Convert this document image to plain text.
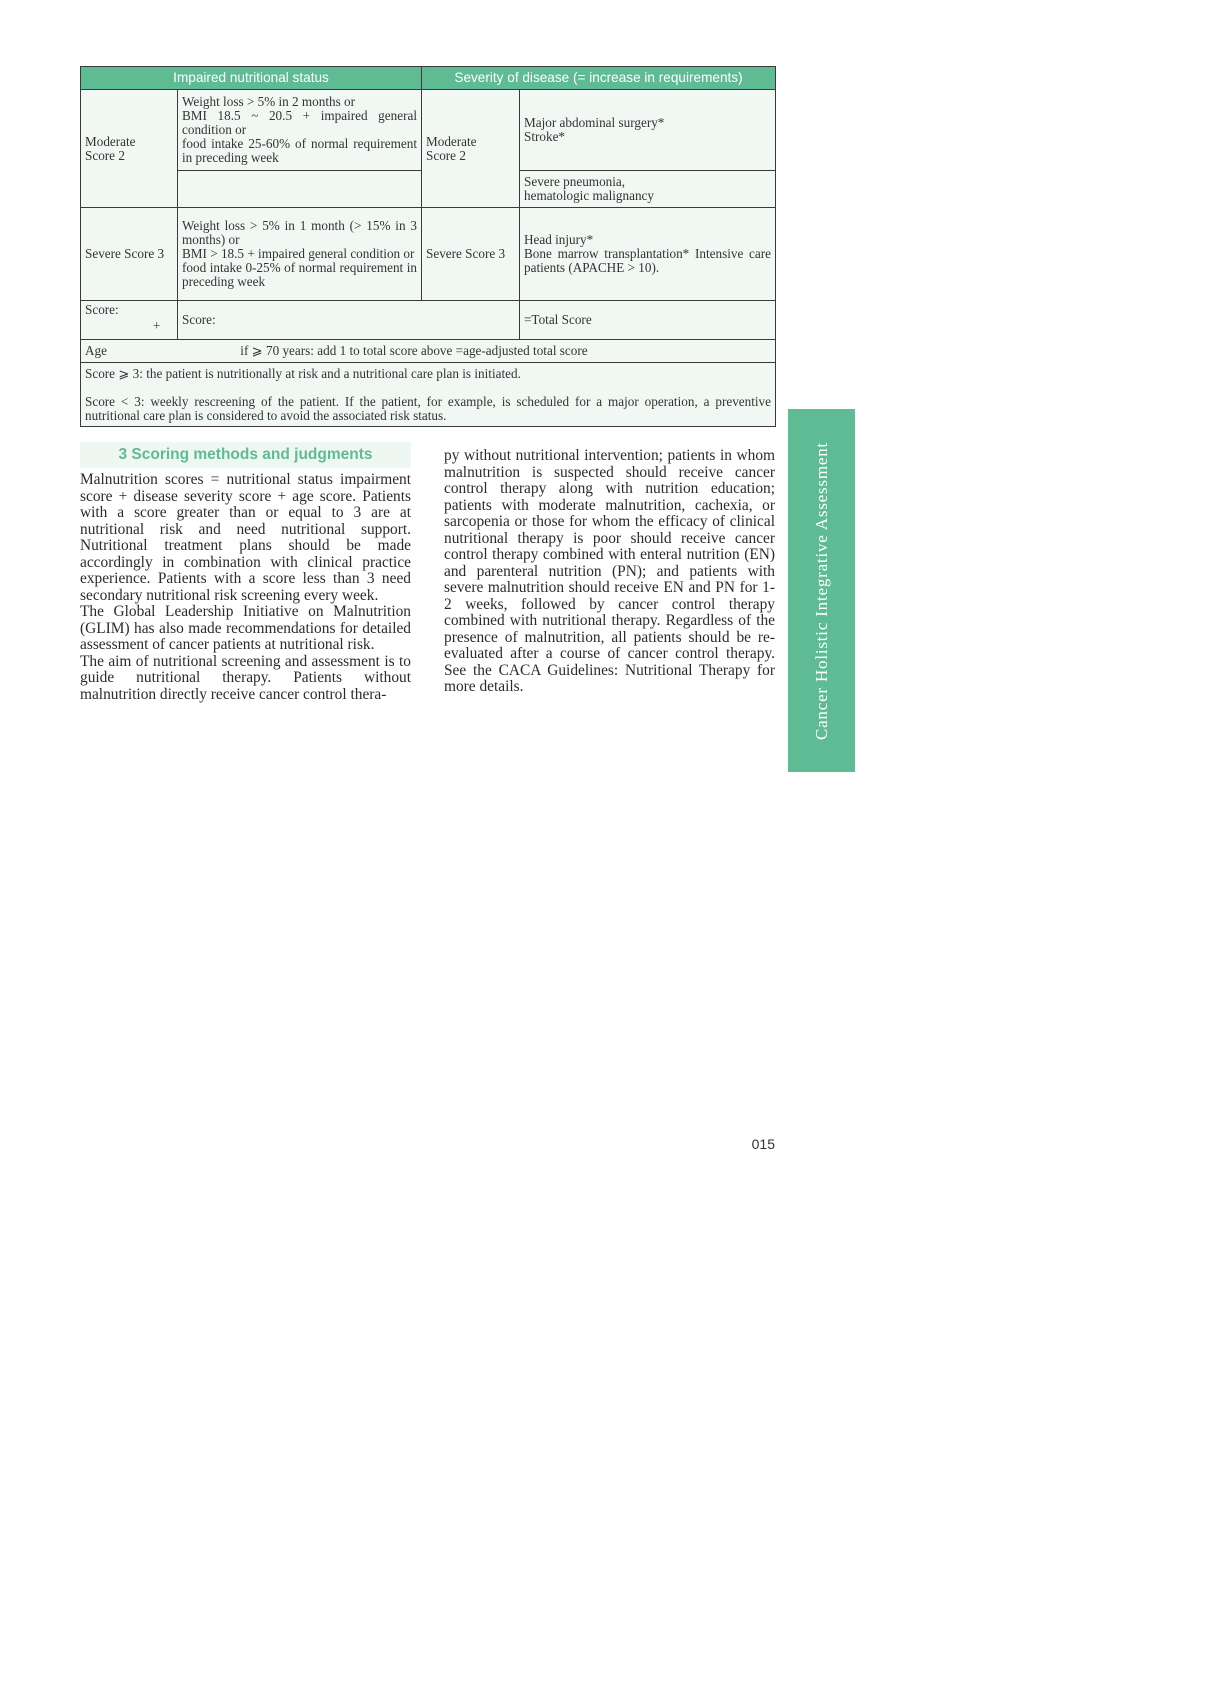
Impaired nutritional status		Severity of disease (= increase in requirements)	
Moderate
Score 2	Weight loss > 5% in 2 months or
BMI 18.5 ~ 20.5 + impaired general condition or
food intake 25-60% of normal requirement in preceding week	Moderate
Score 2	Major abdominal surgery*
Stroke*
			Severe pneumonia,
hematologic malignancy
Severe Score 3	Weight loss > 5% in 1 month (> 15% in 3 months) or
BMI > 18.5 + impaired general condition or
food intake 0-25% of normal requirement in preceding week	Severe Score 3	Head injury*
Bone marrow transplantation* Intensive care patients (APACHE > 10).
Score:
+	Score:		=Total Score
Age if ⩾ 70 years: add 1 to total score above =age-adjusted total score			

Score ⩾ 3: the patient is nutritionally at risk and a nutritional care plan is initiated.

Score < 3: weekly rescreening of the patient. If the patient, for example, is scheduled for a major operation, a preventive nutritional care plan is considered to avoid the associated risk status.			

3 Scoring methods and judgments

Malnutrition scores = nutritional status impairment score + disease severity score + age score. Patients with a score greater than or equal to 3 are at nutritional risk and need nutritional support. Nutritional treatment plans should be made accordingly in combination with clinical practice experience. Patients with a score less than 3 need secondary nutritional risk screening every week.

The Global Leadership Initiative on Malnutrition (GLIM) has also made recommendations for detailed assessment of cancer patients at nutritional risk.

The aim of nutritional screening and assessment is to guide nutritional therapy. Patients without malnutrition directly receive cancer control thera-

py without nutritional intervention; patients in whom malnutrition is suspected should receive cancer control therapy along with nutrition education; patients with moderate malnutrition, cachexia, or sarcopenia or those for whom the efficacy of clinical nutritional therapy is poor should receive cancer control therapy combined with enteral nutrition (EN) and parenteral nutrition (PN); and patients with severe malnutrition should receive EN and PN for 1-2 weeks, followed by cancer control therapy combined with nutritional therapy. Regardless of the presence of malnutrition, all patients should be re-evaluated after a course of cancer control therapy. See the CACA Guidelines: Nutritional Therapy for more details.	Cancer Holistic Integrative Assessment
015
